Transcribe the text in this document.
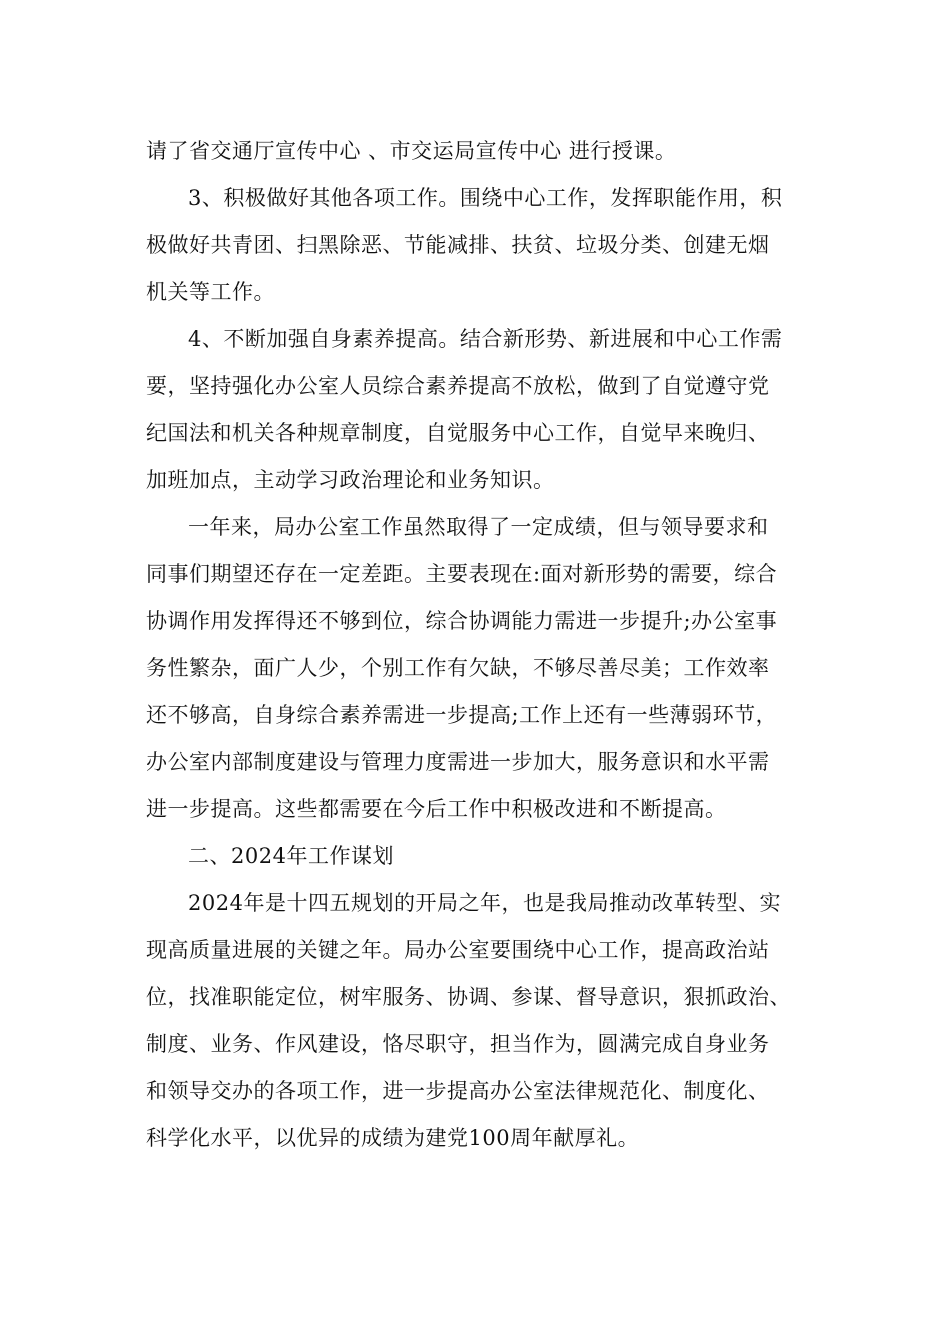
请了省交通厅宣传中心 、市交运局宣传中心 进行授课。
3、积极做好其他各项工作。围绕中心工作，发挥职能作用，积
极做好共青团、扫黑除恶、节能减排、扶贫、垃圾分类、创建无烟
机关等工作。
4、不断加强自身素养提高。结合新形势、新进展和中心工作需
要，坚持强化办公室人员综合素养提高不放松，做到了自觉遵守党
纪国法和机关各种规章制度，自觉服务中心工作，自觉早来晚归、
加班加点，主动学习政治理论和业务知识。
一年来，局办公室工作虽然取得了一定成绩，但与领导要求和
同事们期望还存在一定差距。主要表现在:面对新形势的需要，综合
协调作用发挥得还不够到位，综合协调能力需进一步提升;办公室事
务性繁杂，面广人少，个别工作有欠缺，不够尽善尽美；工作效率
还不够高，自身综合素养需进一步提高;工作上还有一些薄弱环节，
办公室内部制度建设与管理力度需进一步加大，服务意识和水平需
进一步提高。这些都需要在今后工作中积极改进和不断提高。
二、2024年工作谋划
2024年是十四五规划的开局之年，也是我局推动改革转型、实
现高质量进展的关键之年。局办公室要围绕中心工作，提高政治站
位，找准职能定位，树牢服务、协调、参谋、督导意识，狠抓政治、
制度、业务、作风建设，恪尽职守，担当作为，圆满完成自身业务
和领导交办的各项工作，进一步提高办公室法律规范化、制度化、
科学化水平，以优异的成绩为建党100周年献厚礼。
